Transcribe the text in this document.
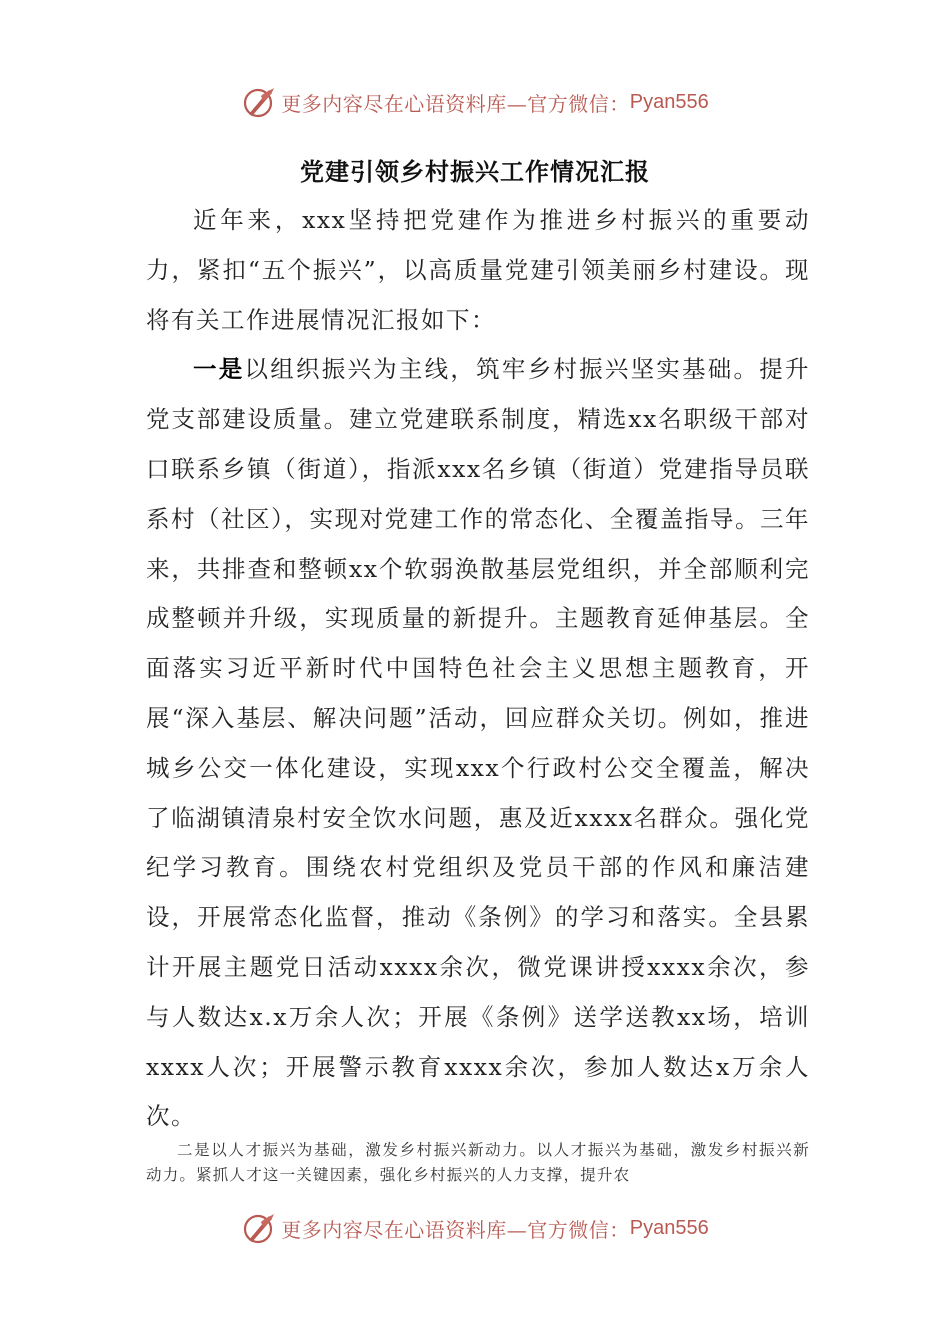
更多内容尽在心语资料库—官方微信： Pyan556
党建引领乡村振兴工作情况汇报

近年来，xxx坚持把党建作为推进乡村振兴的重要动力，紧扣“五个振兴”，以高质量党建引领美丽乡村建设。现将有关工作进展情况汇报如下：

一是以组织振兴为主线，筑牢乡村振兴坚实基础。提升党支部建设质量。建立党建联系制度，精选xx名职级干部对口联系乡镇（街道），指派xxx名乡镇（街道）党建指导员联系村（社区），实现对党建工作的常态化、全覆盖指导。三年来，共排查和整顿xx个软弱涣散基层党组织，并全部顺利完成整顿并升级，实现质量的新提升。主题教育延伸基层。全面落实习近平新时代中国特色社会主义思想主题教育，开展“深入基层、解决问题”活动，回应群众关切。例如，推进城乡公交一体化建设，实现xxx个行政村公交全覆盖，解决了临湖镇清泉村安全饮水问题，惠及近xxxx名群众。强化党纪学习教育。围绕农村党组织及党员干部的作风和廉洁建设，开展常态化监督，推动《条例》的学习和落实。全县累计开展主题党日活动xxxx余次，微党课讲授xxxx余次，参与人数达x.x万余人次；开展《条例》送学送教xx场，培训xxxx人次；开展警示教育xxxx余次，参加人数达x万余人次。

二是以人才振兴为基础，激发乡村振兴新动力。以人才振兴为基础，激发乡村振兴新动力。紧抓人才这一关键因素，强化乡村振兴的人力支撑，提升农

更多内容尽在心语资料库—官方微信： Pyan556
